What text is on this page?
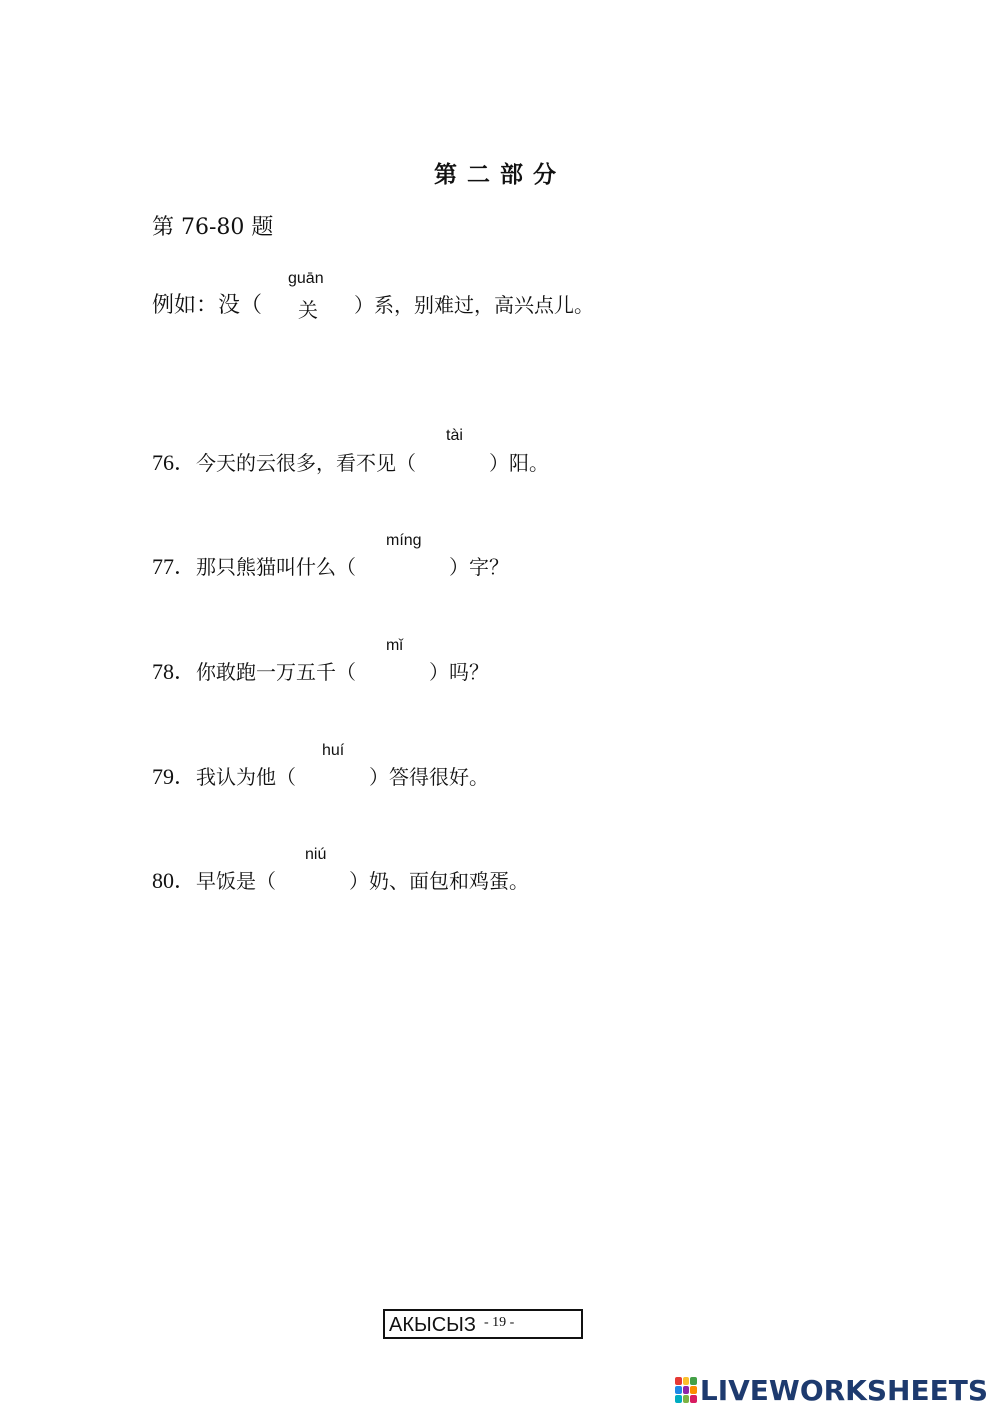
第二部分
第 76-80 题
guān
例如：没（	关	）系，别难过，高兴点儿。
tài
76．今天的云很多，看不见（	）阳。
míng
77．那只熊猫叫什么（	）字？
mǐ
78．你敢跑一万五千（	）吗？
huí
79．我认为他（	）答得很好。
niú
80．早饭是（	）奶、面包和鸡蛋。
АКЫСЫЗ - 19 -
LIVEWORKSHEETS
